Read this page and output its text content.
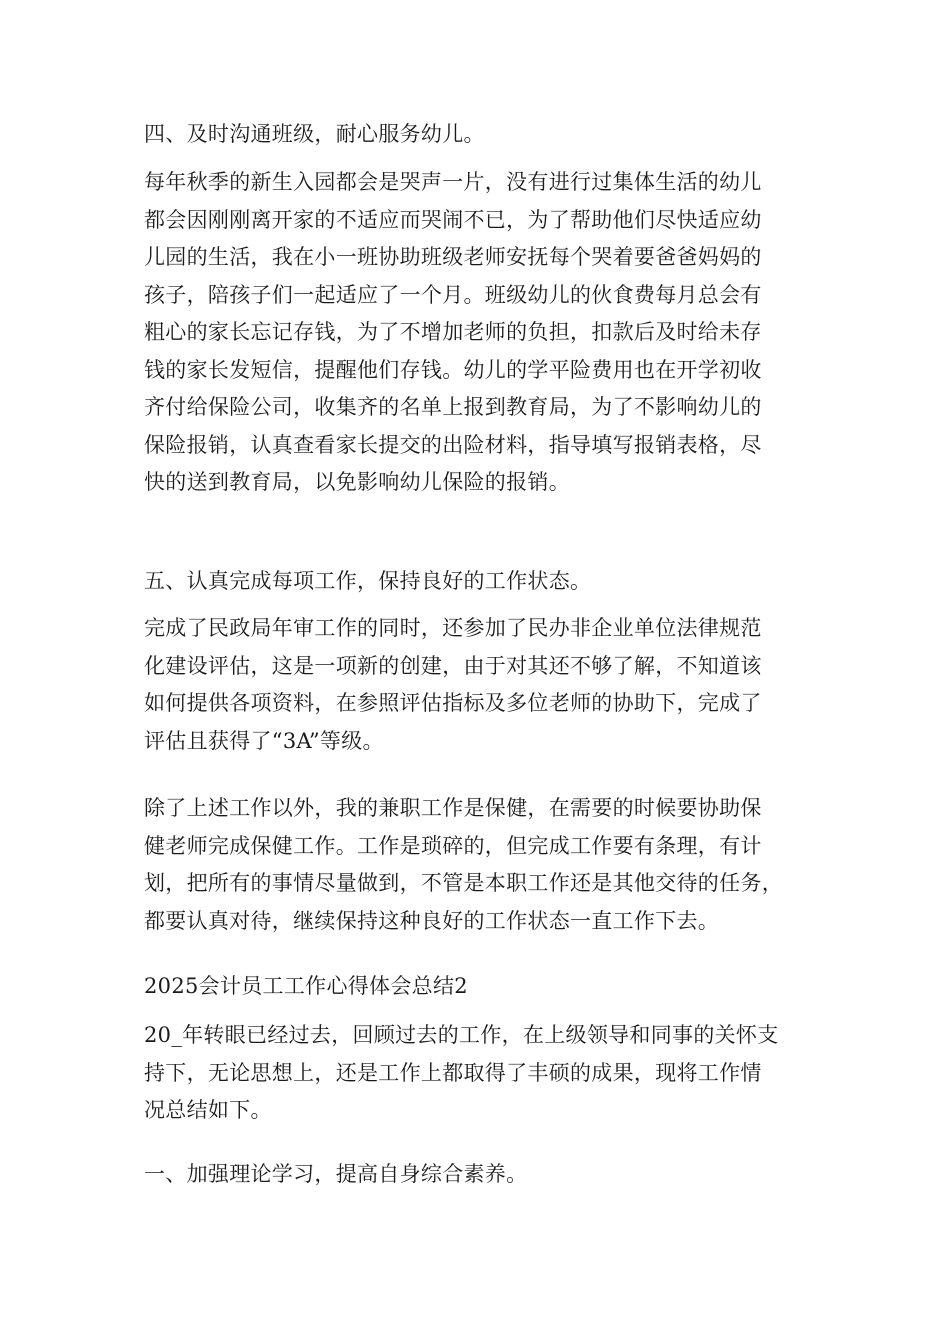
四、及时沟通班级，耐心服务幼儿。
每年秋季的新生入园都会是哭声一片，没有进行过集体生活的幼儿
都会因刚刚离开家的不适应而哭闹不已，为了帮助他们尽快适应幼
儿园的生活，我在小一班协助班级老师安抚每个哭着要爸爸妈妈的
孩子，陪孩子们一起适应了一个月。班级幼儿的伙食费每月总会有
粗心的家长忘记存钱，为了不增加老师的负担，扣款后及时给未存
钱的家长发短信，提醒他们存钱。幼儿的学平险费用也在开学初收
齐付给保险公司，收集齐的名单上报到教育局，为了不影响幼儿的
保险报销，认真查看家长提交的出险材料，指导填写报销表格，尽
快的送到教育局，以免影响幼儿保险的报销。
五、认真完成每项工作，保持良好的工作状态。
完成了民政局年审工作的同时，还参加了民办非企业单位法律规范
化建设评估，这是一项新的创建，由于对其还不够了解，不知道该
如何提供各项资料，在参照评估指标及多位老师的协助下，完成了
评估且获得了“3A”等级。
除了上述工作以外，我的兼职工作是保健，在需要的时候要协助保
健老师完成保健工作。工作是琐碎的，但完成工作要有条理，有计
划，把所有的事情尽量做到，不管是本职工作还是其他交待的任务，
都要认真对待，继续保持这种良好的工作状态一直工作下去。
2025会计员工工作心得体会总结2
20_年转眼已经过去，回顾过去的工作，在上级领导和同事的关怀支
持下，无论思想上，还是工作上都取得了丰硕的成果，现将工作情
况总结如下。
一、加强理论学习，提高自身综合素养。
